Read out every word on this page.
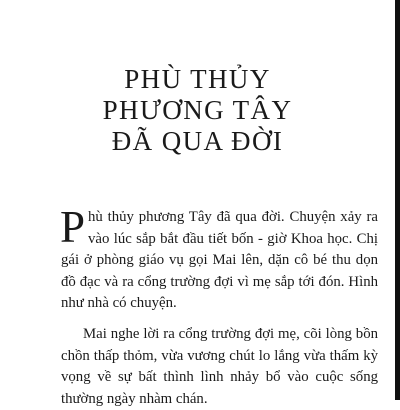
PHÙ THỦY
PHƯƠNG TÂY
ĐÃ QUA ĐỜI

Phù thủy phương Tây đã qua đời. Chuyện xảy ra vào lúc sắp bắt đầu tiết bốn - giờ Khoa học. Chị gái ở phòng giáo vụ gọi Mai lên, dặn cô bé thu dọn đồ đạc và ra cổng trường đợi vì mẹ sắp tới đón. Hình như nhà có chuyện.

Mai nghe lời ra cổng trường đợi mẹ, cõi lòng bồn chồn thấp thỏm, vừa vương chút lo lắng vừa thấm kỳ vọng về sự bất thình lình nhảy bổ vào cuộc sống thường ngày nhàm chán.
